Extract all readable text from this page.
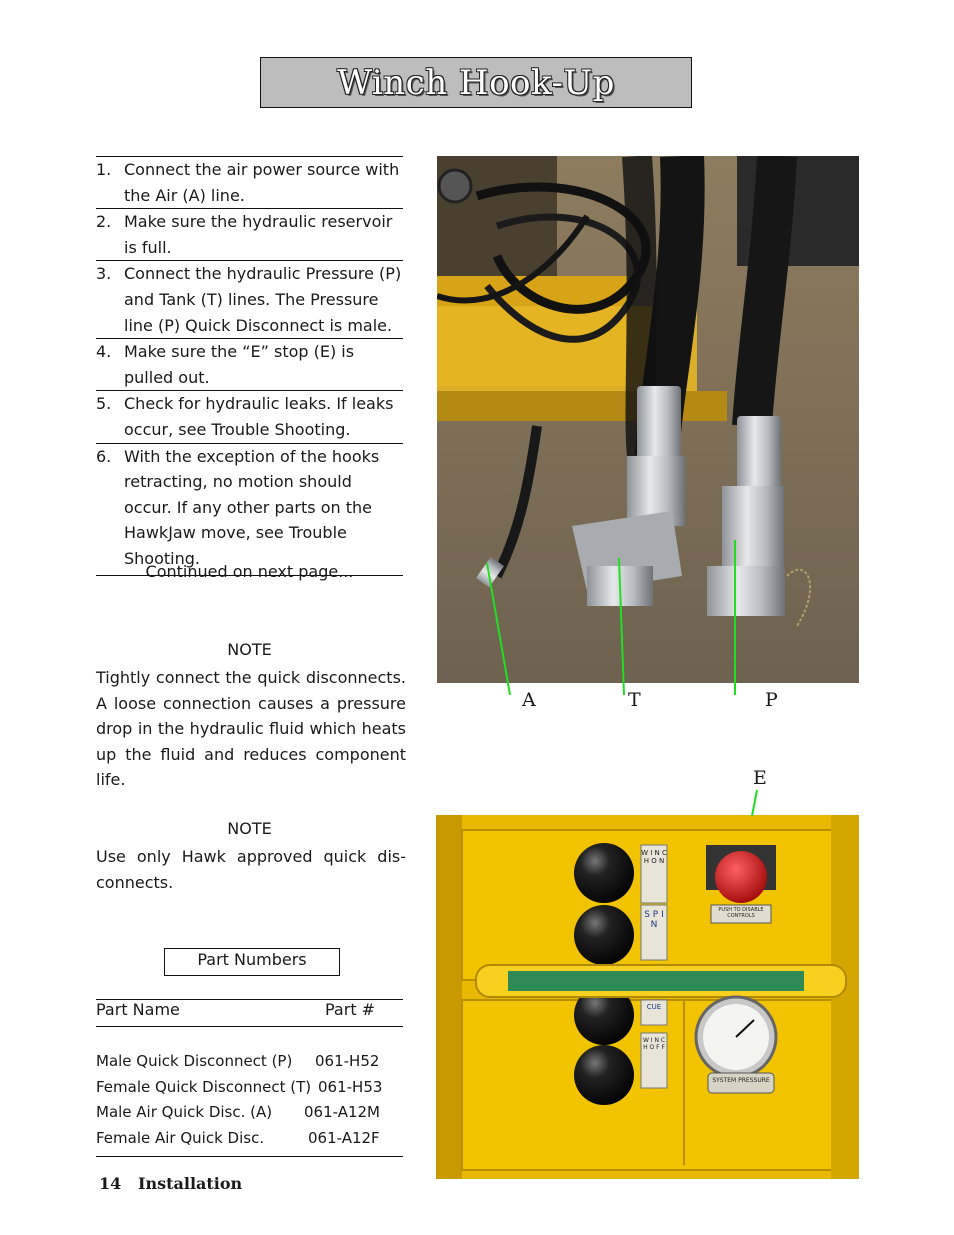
Winch Hook-Up
1. Connect the air power source with the Air (A) line.
2. Make sure the hydraulic reservoir is full.
3. Connect the hydraulic Pressure (P) and Tank (T) lines. The Pressure line (P) Quick Disconnect is male.
4. Make sure the “E” stop (E) is pulled out.
5. Check for hydraulic leaks. If leaks occur, see Trouble Shooting.
6. With the exception of the hooks retracting, no motion should occur. If any other parts on the HawkJaw move, see Trouble Shooting.
Continued on next page...
NOTE
Tightly connect the quick disconnects. A loose connection causes a pressure drop in the hydraulic fluid which heats up the fluid and reduces component life.
NOTE
Use only Hawk approved quick dis- connects.
Part Numbers
Part Name	Part #
Male Quick Disconnect (P) 061-H52
Female Quick Disconnect (T) 061-H53
Male Air Quick Disc. (A) 061-A12M
Female Air Quick Disc.	061-A12F
14 Installation
W I N C H O N
S P I N
CUE
W I N C H O F F
PUSH TO DISABLE CONTROLS
SYSTEM PRESSURE
A	T	P
E
